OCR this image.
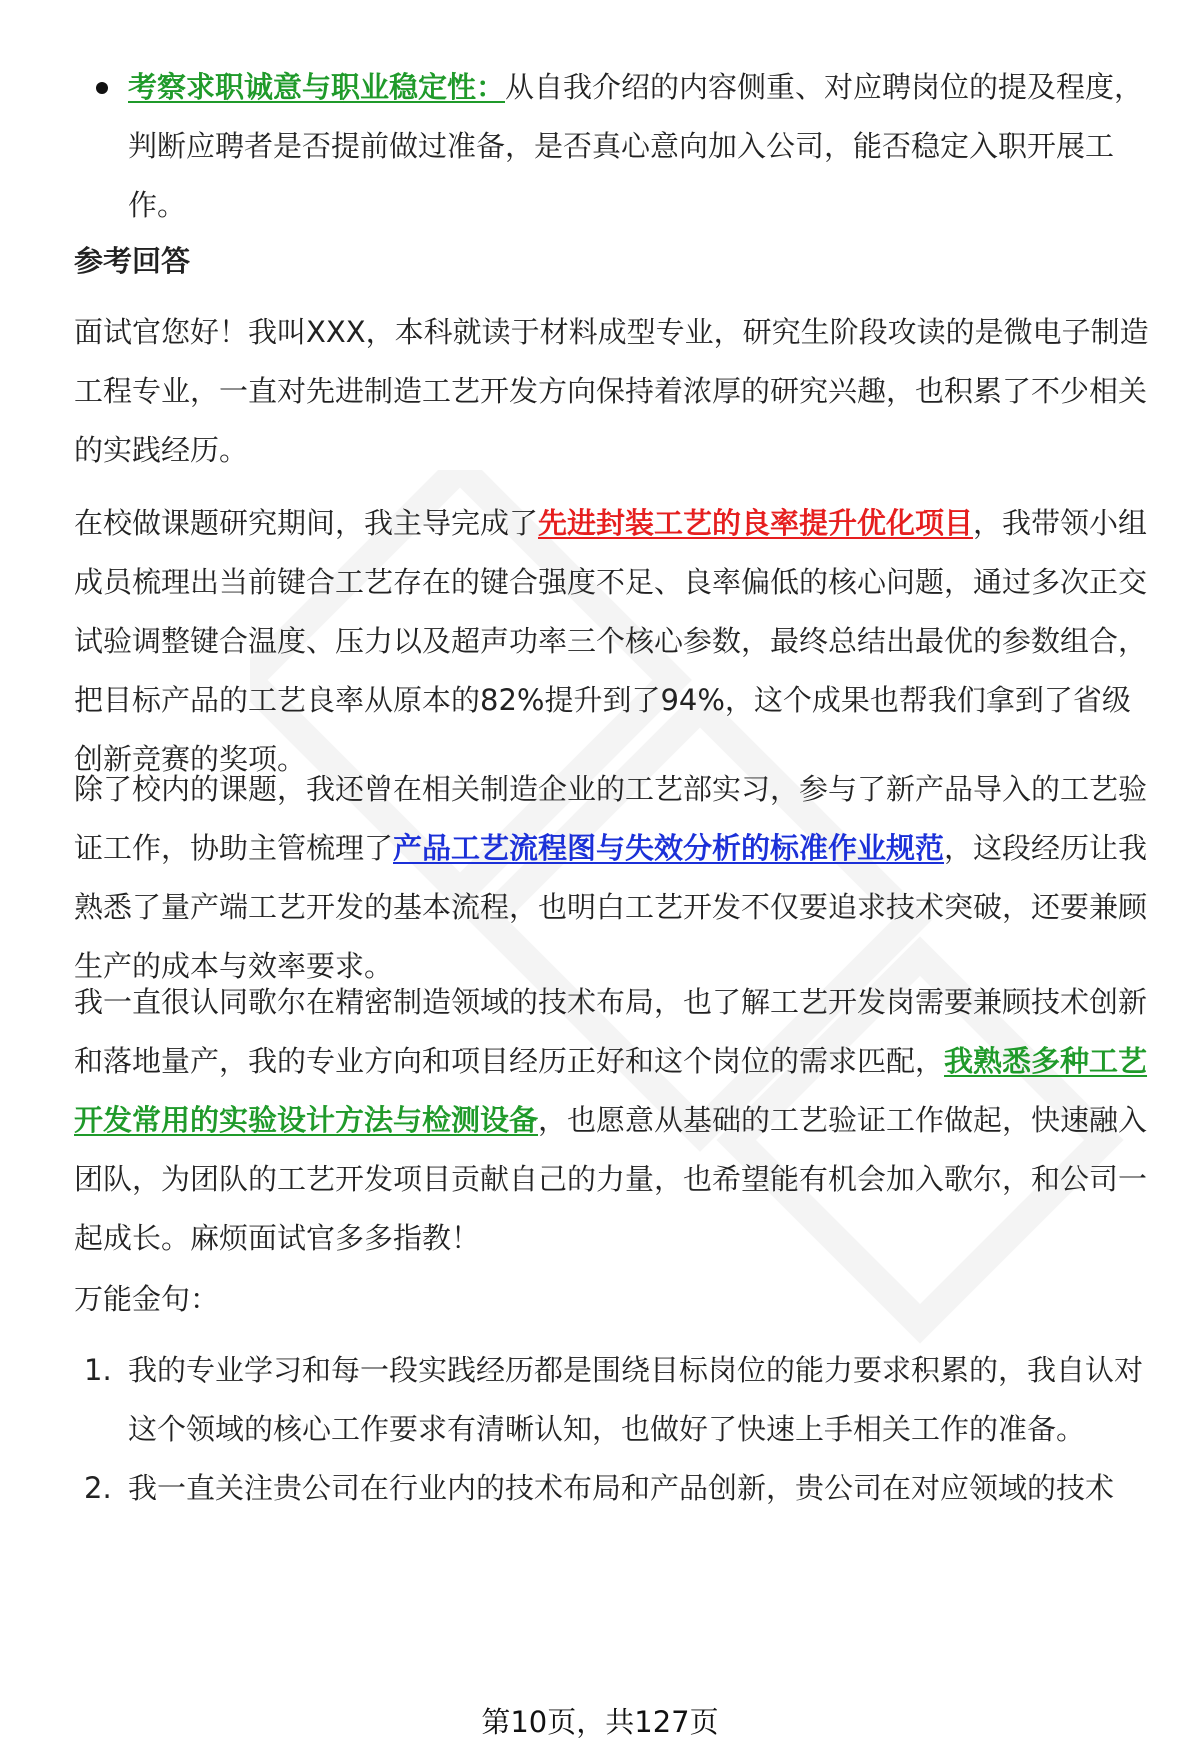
考察求职诚意与职业稳定性：从自我介绍的内容侧重、对应聘岗位的提及程度，判断应聘者是否提前做过准备，是否真心意向加入公司，能否稳定入职开展工作。

参考回答

面试官您好！我叫XXX，本科就读于材料成型专业，研究生阶段攻读的是微电子制造工程专业，一直对先进制造工艺开发方向保持着浓厚的研究兴趣，也积累了不少相关的实践经历。

在校做课题研究期间，我主导完成了先进封装工艺的良率提升优化项目，我带领小组成员梳理出当前键合工艺存在的键合强度不足、良率偏低的核心问题，通过多次正交试验调整键合温度、压力以及超声功率三个核心参数，最终总结出最优的参数组合，把目标产品的工艺良率从原本的82%提升到了94%，这个成果也帮我们拿到了省级创新竞赛的奖项。

除了校内的课题，我还曾在相关制造企业的工艺部实习，参与了新产品导入的工艺验证工作，协助主管梳理了产品工艺流程图与失效分析的标准作业规范，这段经历让我熟悉了量产端工艺开发的基本流程，也明白工艺开发不仅要追求技术突破，还要兼顾生产的成本与效率要求。

我一直很认同歌尔在精密制造领域的技术布局，也了解工艺开发岗需要兼顾技术创新和落地量产，我的专业方向和项目经历正好和这个岗位的需求匹配，我熟悉多种工艺开发常用的实验设计方法与检测设备，也愿意从基础的工艺验证工作做起，快速融入团队，为团队的工艺开发项目贡献自己的力量，也希望能有机会加入歌尔，和公司一起成长。麻烦面试官多多指教！

万能金句：

1. 我的专业学习和每一段实践经历都是围绕目标岗位的能力要求积累的，我自认对这个领域的核心工作要求有清晰认知，也做好了快速上手相关工作的准备。

2. 我一直关注贵公司在行业内的技术布局和产品创新，贵公司在对应领域的技术

第10页，共127页
